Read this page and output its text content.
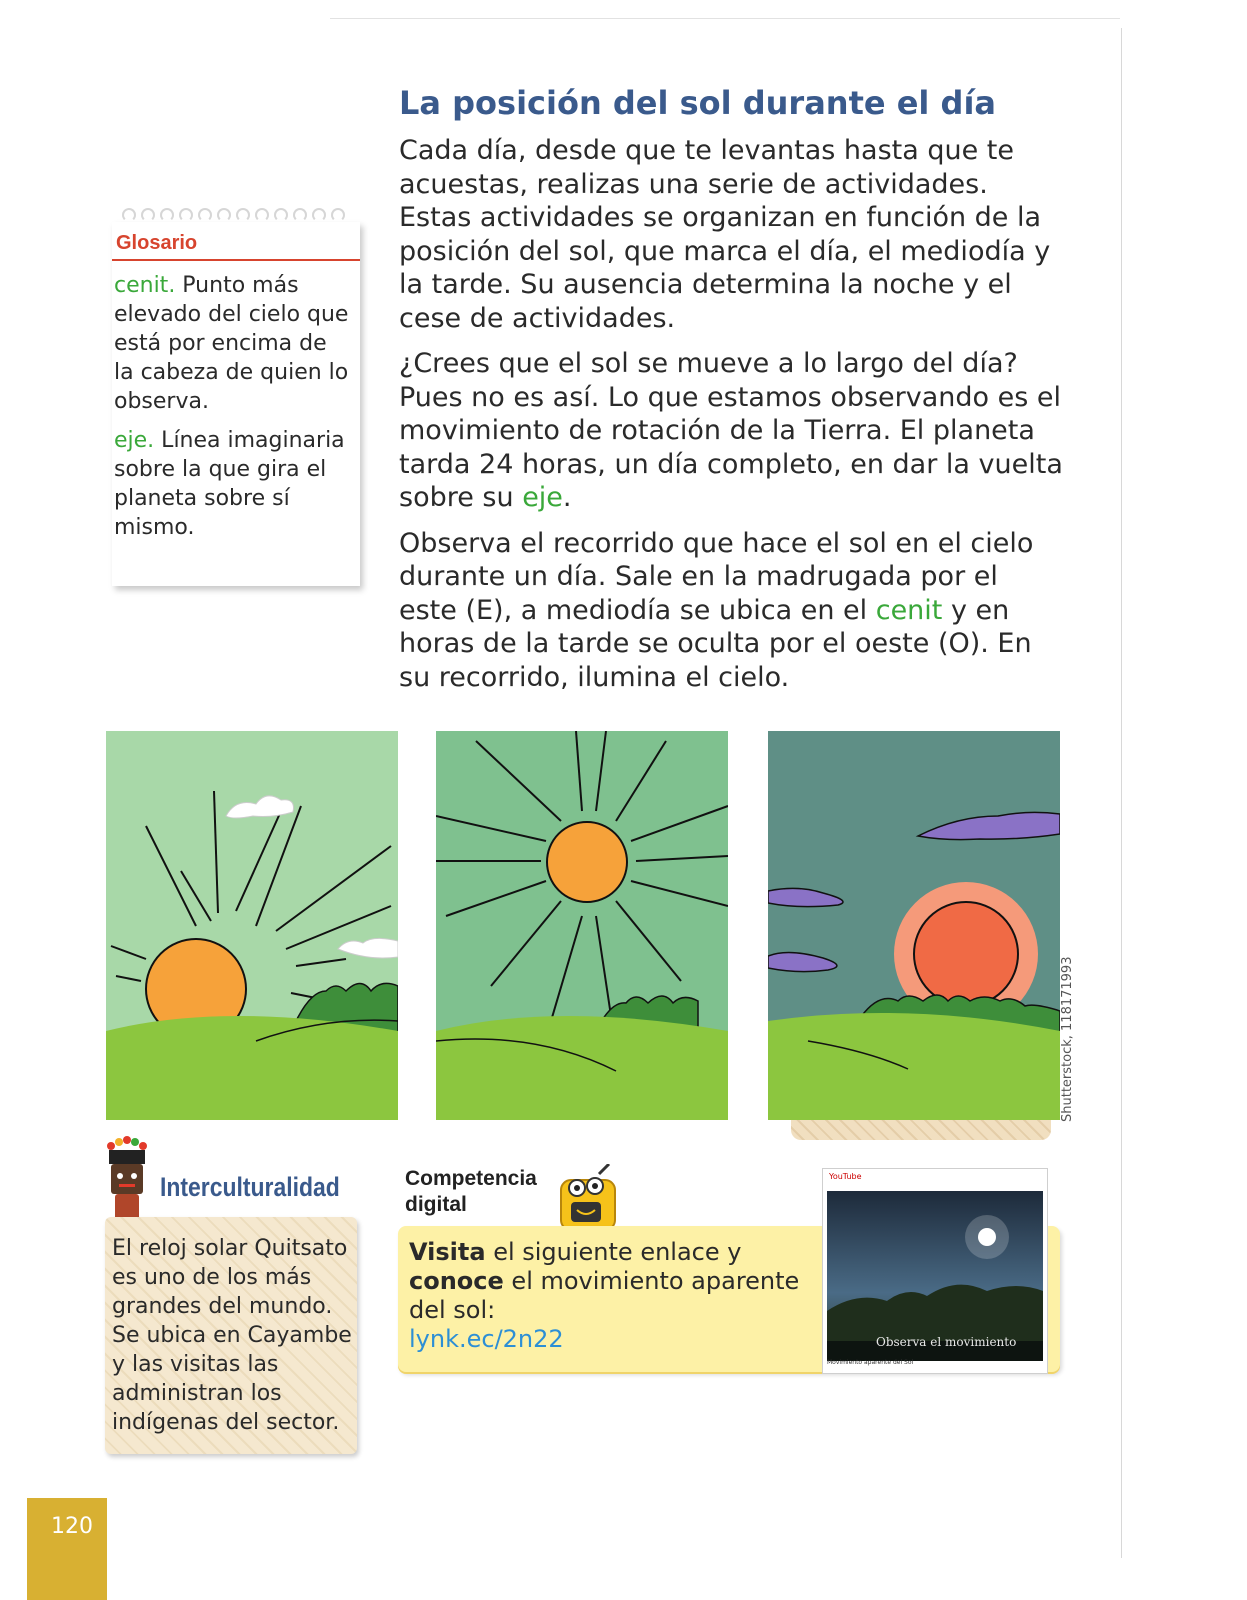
La posición del sol durante el día

Cada día, desde que te levantas hasta que te acuestas, realizas una serie de actividades. Estas actividades se organizan en función de la posición del sol, que marca el día, el mediodía y la tarde. Su ausencia determina la noche y el cese de actividades.

¿Crees que el sol se mueve a lo largo del día? Pues no es así. Lo que estamos observando es el movimiento de rotación de la Tierra. El planeta tarda 24 horas, un día completo, en dar la vuelta sobre su eje.

Observa el recorrido que hace el sol en el cielo durante un día. Sale en la madrugada por el este (E), a mediodía se ubica en el cenit y en horas de la tarde se oculta por el oeste (O). En su recorrido, ilumina el cielo.

Glosario
cenit. Punto más elevado del cielo que está por encima de la cabeza de quien lo observa.
eje. Línea imaginaria sobre la que gira el planeta sobre sí mismo.
Shutterstock, 118171993
Interculturalidad
El reloj solar Quitsato es uno de los más grandes del mundo. Se ubica en Cayambe y las visitas las administran los indígenas del sector.
Competencia
digital
Visita el siguiente enlace y conoce el movimiento aparente del sol:
lynk.ec/2n22
YouTube
Movimiento aparente del Sol
Observa el movimiento
120
